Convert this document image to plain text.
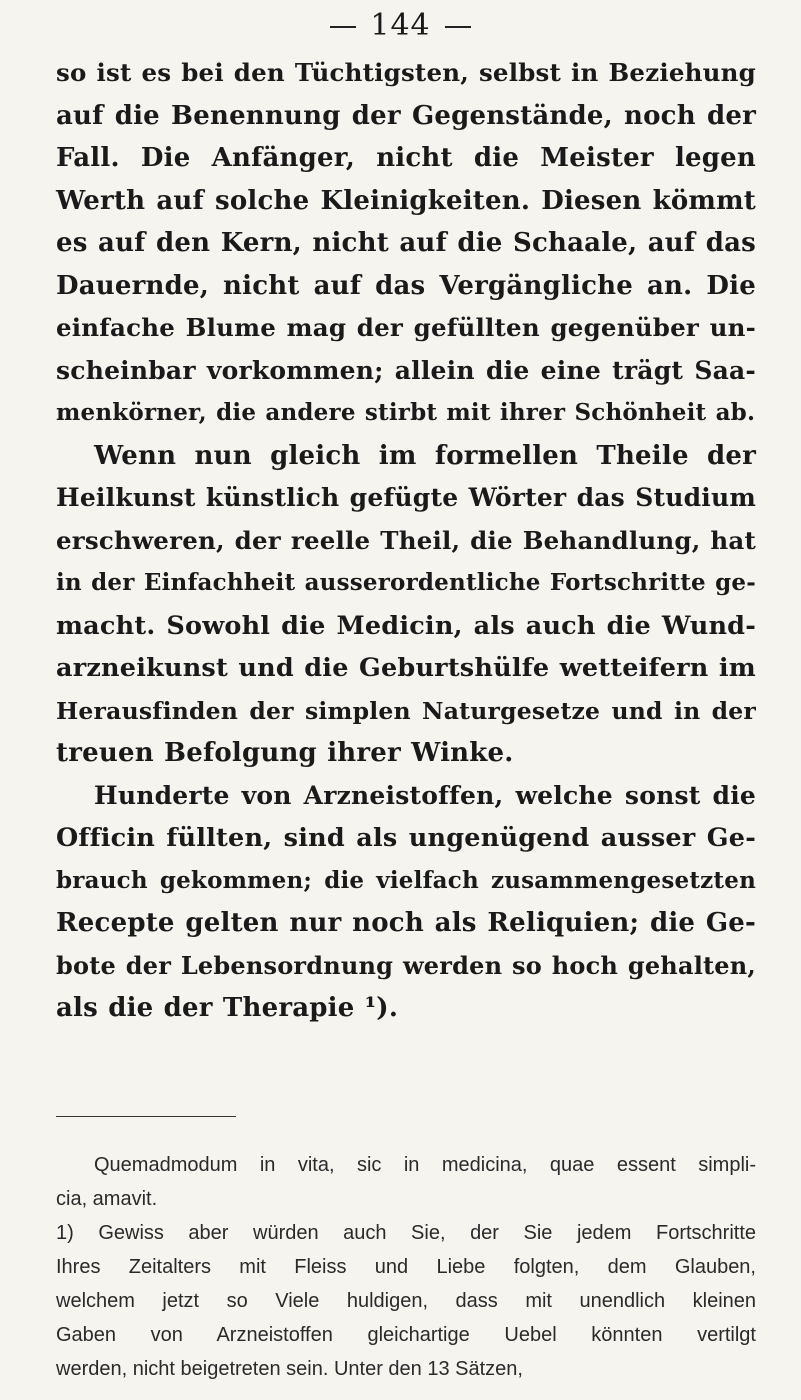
144
so ist es bei den Tüchtigsten, selbst in Beziehung
auf die Benennung der Gegenstände, noch der
Fall. Die Anfänger, nicht die Meister legen
Werth auf solche Kleinigkeiten. Diesen kömmt
es auf den Kern, nicht auf die Schaale, auf das
Dauernde, nicht auf das Vergängliche an. Die
einfache Blume mag der gefüllten gegenüber un-
scheinbar vorkommen; allein die eine trägt Saa-
menkörner, die andere stirbt mit ihrer Schönheit ab.
Wenn nun gleich im formellen Theile der
Heilkunst künstlich gefügte Wörter das Studium
erschweren, der reelle Theil, die Behandlung, hat
in der Einfachheit ausserordentliche Fortschritte ge-
macht. Sowohl die Medicin, als auch die Wund-
arzneikunst und die Geburtshülfe wetteifern im
Herausfinden der simplen Naturgesetze und in der
treuen Befolgung ihrer Winke.
Hunderte von Arzneistoffen, welche sonst die
Officin füllten, sind als ungenügend ausser Ge-
brauch gekommen; die vielfach zusammengesetzten
Recepte gelten nur noch als Reliquien; die Ge-
bote der Lebensordnung werden so hoch gehalten,
als die der Therapie ¹).
Quemadmodum in vita, sic in medicina, quae essent simpli-
cia, amavit.
1) Gewiss aber würden auch Sie, der Sie jedem Fortschritte
Ihres Zeitalters mit Fleiss und Liebe folgten, dem Glauben,
welchem jetzt so Viele huldigen, dass mit unendlich kleinen
Gaben von Arzneistoffen gleichartige Uebel könnten vertilgt
werden, nicht beigetreten sein. Unter den 13 Sätzen,
